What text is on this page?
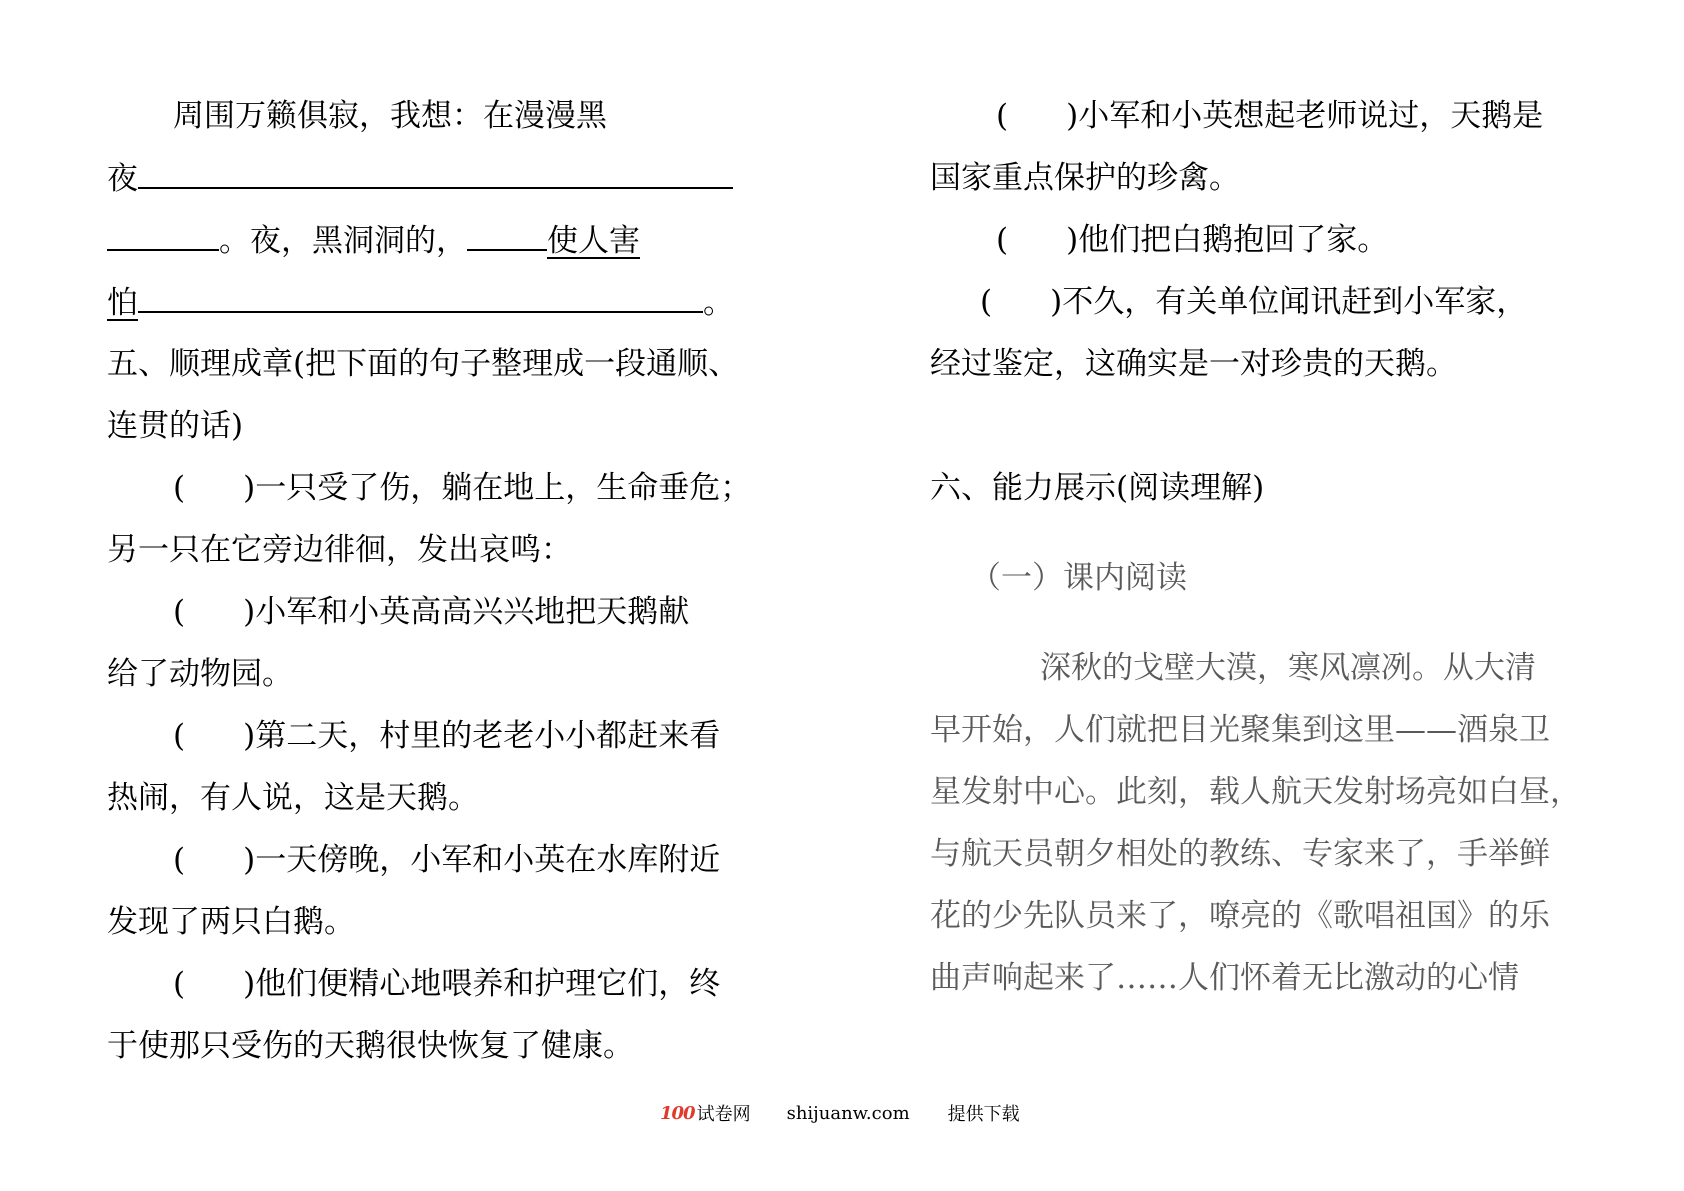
周围万籁俱寂，我想：在漫漫黑
夜
。夜，黑洞洞的，	使人害
怕	。
五、顺理成章(把下面的句子整理成一段通顺、
连贯的话)
( )一只受了伤，躺在地上，生命垂危；
另一只在它旁边徘徊，发出哀鸣：
( )小军和小英高高兴兴地把天鹅献
给了动物园。
( )第二天，村里的老老小小都赶来看
热闹，有人说，这是天鹅。
( )一天傍晚，小军和小英在水库附近
发现了两只白鹅。
( )他们便精心地喂养和护理它们，终
于使那只受伤的天鹅很快恢复了健康。
( )小军和小英想起老师说过，天鹅是
国家重点保护的珍禽。
( )他们把白鹅抱回了家。
( )不久，有关单位闻讯赶到小军家，
经过鉴定，这确实是一对珍贵的天鹅。
六、能力展示(阅读理解)
（一）课内阅读
深秋的戈壁大漠，寒风凛冽。从大清
早开始，人们就把目光聚集到这里——酒泉卫
星发射中心。此刻，载人航天发射场亮如白昼，
与航天员朝夕相处的教练、专家来了，手举鲜
花的少先队员来了，嘹亮的《歌唱祖国》的乐
曲声响起来了……人们怀着无比激动的心情
100 试卷网 shijuanw.com 提供下载
